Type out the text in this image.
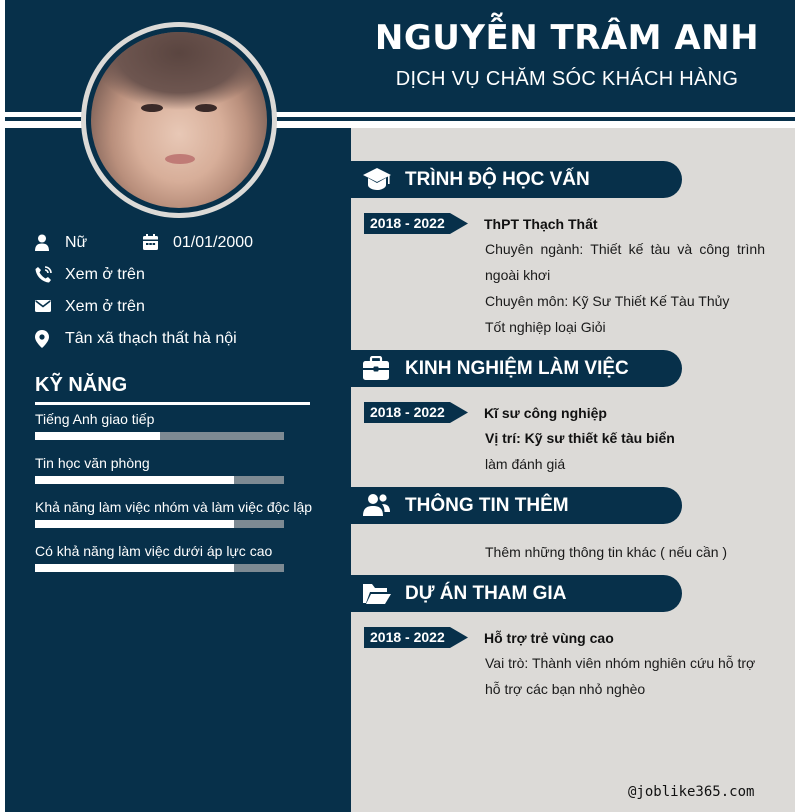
NGUYỄN TRÂM ANH
DỊCH VỤ CHĂM SÓC KHÁCH HÀNG
Nữ	01/01/2000
Xem ở trên
Xem ở trên
Tân xã thạch thất hà nội
KỸ NĂNG
Tiếng Anh giao tiếp
Tin học văn phòng
Khả năng làm việc nhóm và làm việc độc lập
Có khả năng làm việc dưới áp lực cao
TRÌNH ĐỘ HỌC VẤN
2018 - 2022	ThPT Thạch Thất
Chuyên ngành: Thiết kế tàu và công trình ngoài khơi
Chuyên môn: Kỹ Sư Thiết Kế Tàu Thủy
Tốt nghiệp loại Giỏi
KINH NGHIỆM LÀM VIỆC
2018 - 2022	Kĩ sư công nghiệp
Vị trí: Kỹ sư thiết kế tàu biển
làm đánh giá
THÔNG TIN THÊM
Thêm những thông tin khác ( nếu cần )
DỰ ÁN THAM GIA
2018 - 2022	Hỗ trợ trẻ vùng cao
Vai trò: Thành viên nhóm nghiên cứu hỗ trợ
hỗ trợ các bạn nhỏ nghèo
@joblike365.com
